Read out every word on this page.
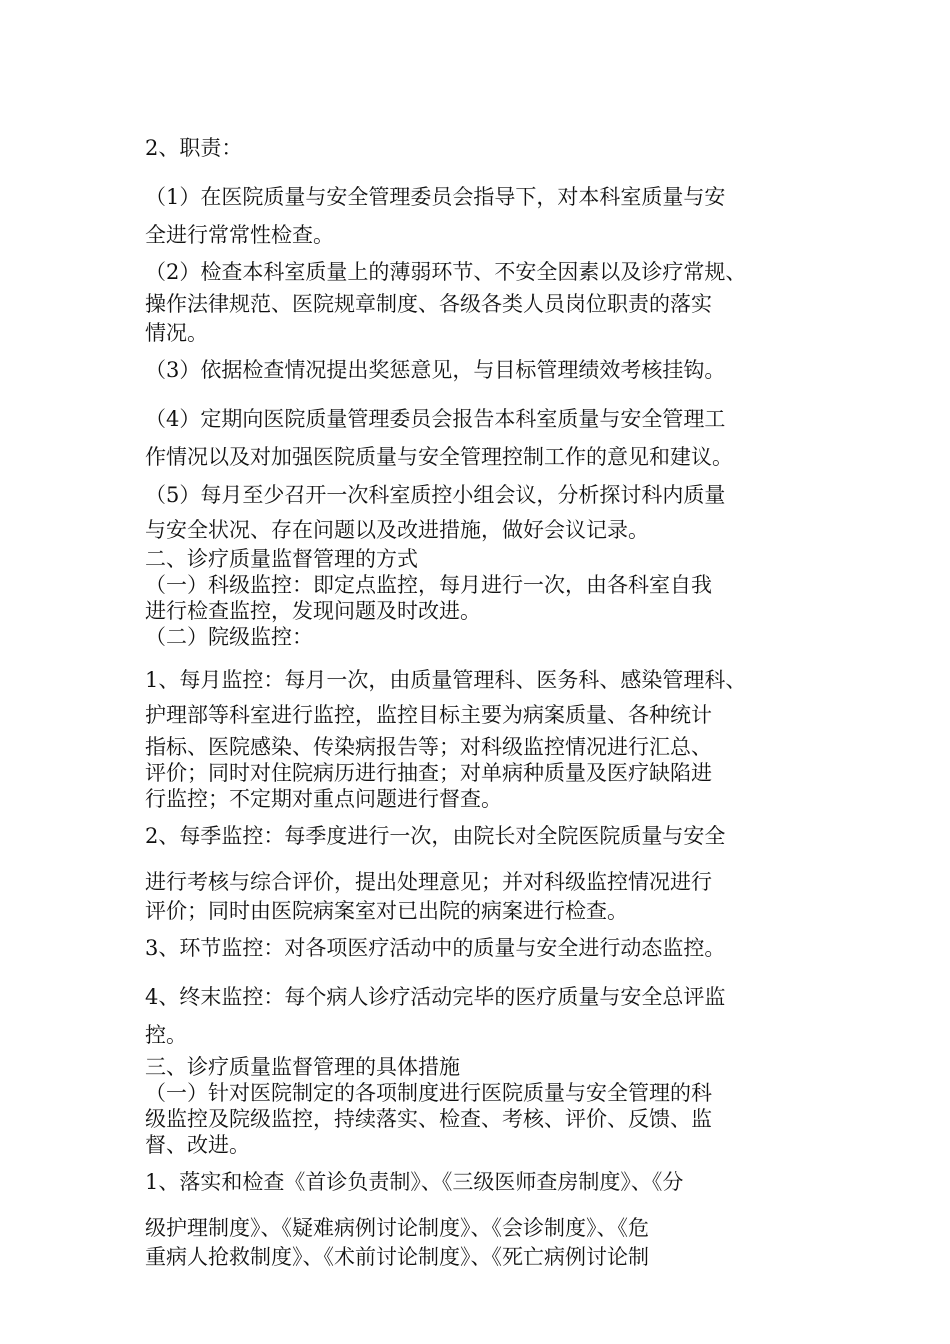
2、职责：

（1）在医院质量与安全管理委员会指导下，对本科室质量与安

全进行常常性检查。

（2）检查本科室质量上的薄弱环节、不安全因素以及诊疗常规、

操作法律规范、医院规章制度、各级各类人员岗位职责的落实

情况。

（3）依据检查情况提出奖惩意见，与目标管理绩效考核挂钩。

（4）定期向医院质量管理委员会报告本科室质量与安全管理工

作情况以及对加强医院质量与安全管理控制工作的意见和建议。

（5）每月至少召开一次科室质控小组会议，分析探讨科内质量

与安全状况、存在问题以及改进措施，做好会议记录。

二、诊疗质量监督管理的方式

（一）科级监控：即定点监控，每月进行一次，由各科室自我

进行检查监控，发现问题及时改进。

（二）院级监控：

1、每月监控：每月一次，由质量管理科、医务科、感染管理科、

护理部等科室进行监控，监控目标主要为病案质量、各种统计

指标、医院感染、传染病报告等；对科级监控情况进行汇总、

评价；同时对住院病历进行抽查；对单病种质量及医疗缺陷进

行监控；不定期对重点问题进行督查。

2、每季监控：每季度进行一次，由院长对全院医院质量与安全

进行考核与综合评价，提出处理意见；并对科级监控情况进行

评价；同时由医院病案室对已出院的病案进行检查。

3、环节监控：对各项医疗活动中的质量与安全进行动态监控。

4、终末监控：每个病人诊疗活动完毕的医疗质量与安全总评监

控。

三、诊疗质量监督管理的具体措施

（一）针对医院制定的各项制度进行医院质量与安全管理的科

级监控及院级监控，持续落实、检查、考核、评价、反馈、监

督、改进。

1、落实和检查《首诊负责制》、《三级医师查房制度》、《分

级护理制度》、《疑难病例讨论制度》、《会诊制度》、《危

重病人抢救制度》、《术前讨论制度》、《死亡病例讨论制
